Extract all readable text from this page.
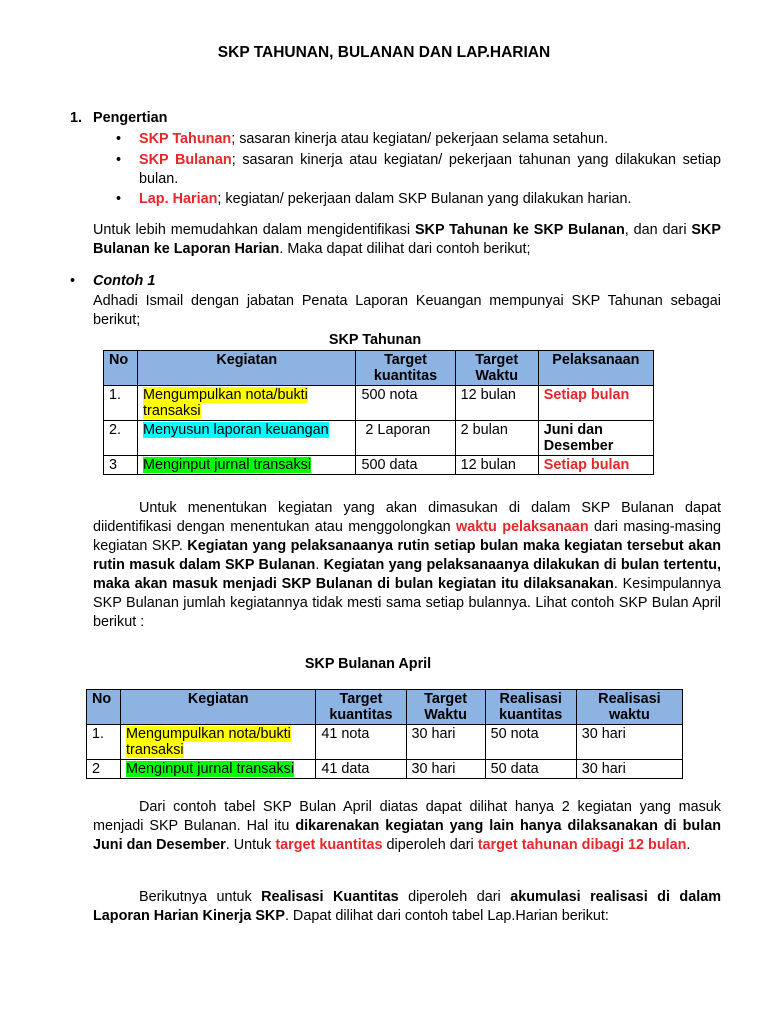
SKP TAHUNAN, BULANAN DAN LAP.HARIAN
1. Pengertian
• SKP Tahunan; sasaran kinerja atau kegiatan/ pekerjaan selama setahun.
• SKP Bulanan; sasaran kinerja atau kegiatan/ pekerjaan tahunan yang dilakukan setiap bulan.
• Lap. Harian; kegiatan/ pekerjaan dalam SKP Bulanan yang dilakukan harian.
Untuk lebih memudahkan dalam mengidentifikasi SKP Tahunan ke SKP Bulanan, dan dari SKP Bulanan ke Laporan Harian. Maka dapat dilihat dari contoh berikut;
• Contoh 1
Adhadi Ismail dengan jabatan Penata Laporan Keuangan mempunyai SKP Tahunan sebagai berikut;
SKP Tahunan
No	Kegiatan	Target kuantitas	Target Waktu	Pelaksanaan
1.	Mengumpulkan nota/bukti transaksi	500 nota	12 bulan	Setiap bulan
2.	Menyusun laporan keuangan	2 Laporan	2 bulan	Juni dan Desember
3	Menginput jurnal transaksi	500 data	12 bulan	Setiap bulan
Untuk menentukan kegiatan yang akan dimasukan di dalam SKP Bulanan dapat diidentifikasi dengan menentukan atau menggolongkan waktu pelaksanaan dari masing-masing kegiatan SKP. Kegiatan yang pelaksanaanya rutin setiap bulan maka kegiatan tersebut akan rutin masuk dalam SKP Bulanan. Kegiatan yang pelaksanaanya dilakukan di bulan tertentu, maka akan masuk menjadi SKP Bulanan di bulan kegiatan itu dilaksanakan. Kesimpulannya SKP Bulanan jumlah kegiatannya tidak mesti sama setiap bulannya. Lihat contoh SKP Bulan April berikut :
SKP Bulanan April
No	Kegiatan	Target kuantitas	Target Waktu	Realisasi kuantitas	Realisasi waktu
1.	Mengumpulkan nota/bukti transaksi	41 nota	30 hari	50 nota	30 hari
2	Menginput jurnal transaksi	41 data	30 hari	50 data	30 hari
Dari contoh tabel SKP Bulan April diatas dapat dilihat hanya 2 kegiatan yang masuk menjadi SKP Bulanan. Hal itu dikarenakan kegiatan yang lain hanya dilaksanakan di bulan Juni dan Desember. Untuk target kuantitas diperoleh dari target tahunan dibagi 12 bulan.
Berikutnya untuk Realisasi Kuantitas diperoleh dari akumulasi realisasi di dalam Laporan Harian Kinerja SKP. Dapat dilihat dari contoh tabel Lap.Harian berikut:
